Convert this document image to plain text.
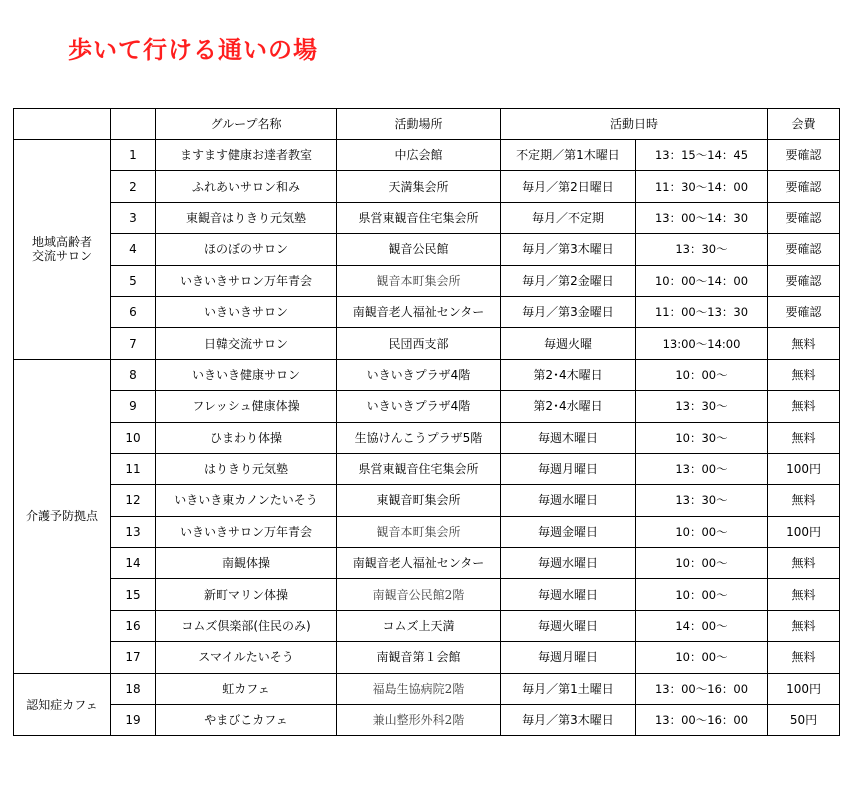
歩いて行ける通いの場
		グループ名称	活動場所	活動日時		会費

地域高齢者
交流サロン	1	ますます健康お達者教室	中広会館	不定期／第1木曜日	13：15～14：45	要確認
	2	ふれあいサロン和み	天満集会所	毎月／第2日曜日	11：30～14：00	要確認
	3	東観音はりきり元気塾	県営東観音住宅集会所	毎月／不定期	13：00～14：30	要確認
	4	ほのぼのサロン	観音公民館	毎月／第3木曜日	13：30～	要確認
	5	いきいきサロン万年青会	観音本町集会所	毎月／第2金曜日	10：00～14：00	要確認
	6	いきいきサロン	南観音老人福祉センター	毎月／第3金曜日	11：00～13：30	要確認
	7	日韓交流サロン	民団西支部	毎週火曜	13:00～14:00	無料

介護予防拠点	8	いきいき健康サロン	いきいきプラザ4階	第2･4木曜日	10：00～	無料
	9	フレッシュ健康体操	いきいきプラザ4階	第2･4水曜日	13：30～	無料
	10	ひまわり体操	生協けんこうプラザ5階	毎週木曜日	10：30～	無料
	11	はりきり元気塾	県営東観音住宅集会所	毎週月曜日	13：00～	100円
	12	いきいき東カノンたいそう	東観音町集会所	毎週水曜日	13：30～	無料
	13	いきいきサロン万年青会	観音本町集会所	毎週金曜日	10：00～	100円
	14	南観体操	南観音老人福祉センター	毎週水曜日	10：00～	無料
	15	新町マリン体操	南観音公民館2階	毎週水曜日	10：00～	無料
	16	コムズ倶楽部(住民のみ)	コムズ上天満	毎週火曜日	14：00～	無料
	17	スマイルたいそう	南観音第１会館	毎週月曜日	10：00～	無料

認知症カフェ	18	虹カフェ	福島生協病院2階	毎月／第1土曜日	13：00～16：00	100円
	19	やまびこカフェ	兼山整形外科2階	毎月／第3木曜日	13：00～16：00	50円
